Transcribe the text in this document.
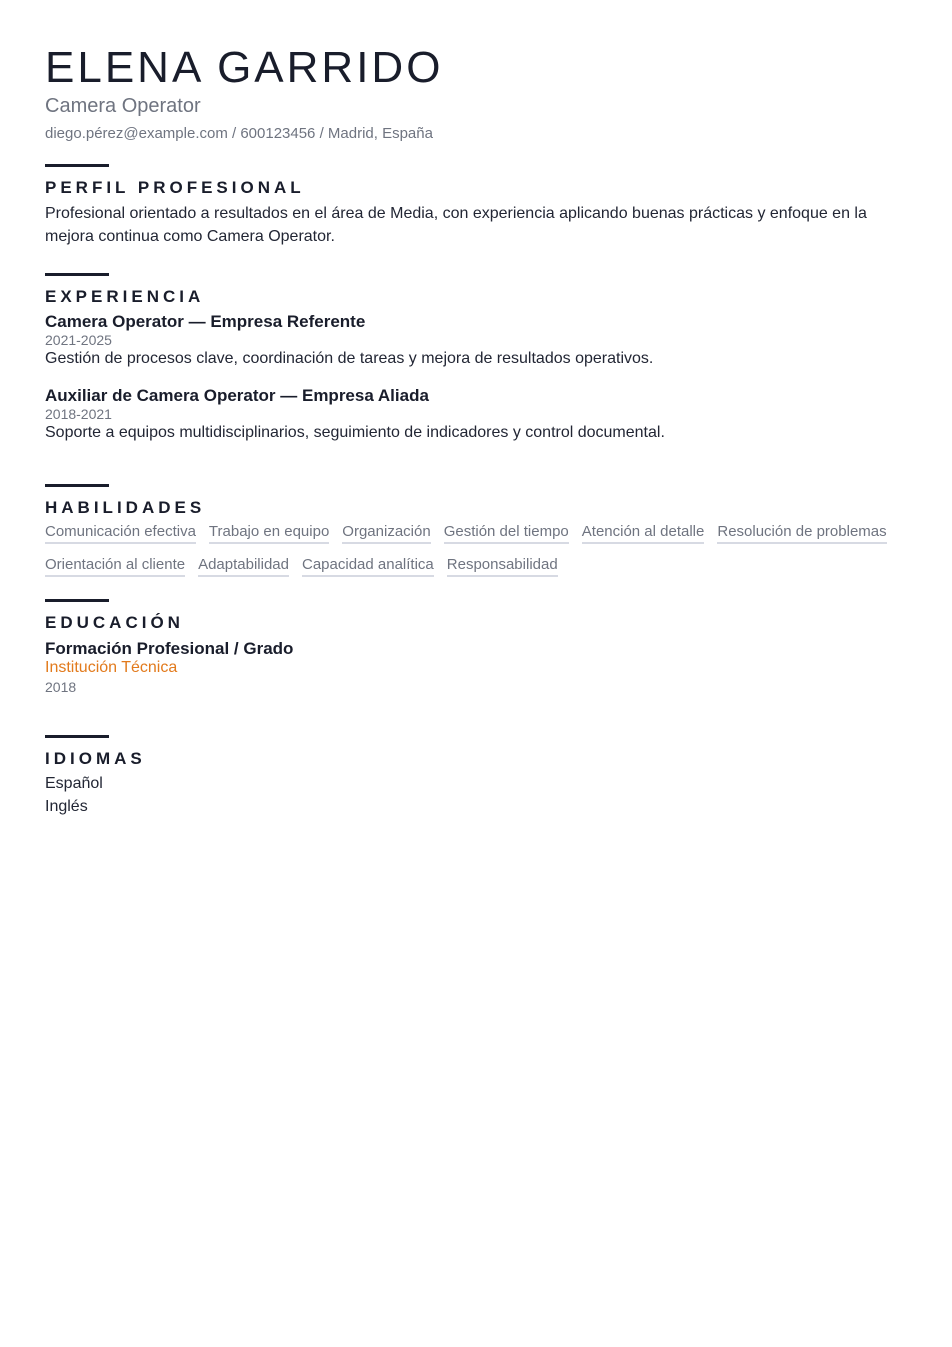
ELENA GARRIDO
Camera Operator
diego.pérez@example.com / 600123456 / Madrid, España
PERFIL PROFESIONAL
Profesional orientado a resultados en el área de Media, con experiencia aplicando buenas prácticas y enfoque en la mejora continua como Camera Operator.
EXPERIENCIA
Camera Operator — Empresa Referente
2021-2025
Gestión de procesos clave, coordinación de tareas y mejora de resultados operativos.
Auxiliar de Camera Operator — Empresa Aliada
2018-2021
Soporte a equipos multidisciplinarios, seguimiento de indicadores y control documental.
HABILIDADES
Comunicación efectiva Trabajo en equipo Organización Gestión del tiempo Atención al detalle Resolución de problemas
Orientación al cliente Adaptabilidad Capacidad analítica Responsabilidad
EDUCACIÓN
Formación Profesional / Grado
Institución Técnica
2018
IDIOMAS
Español
Inglés
